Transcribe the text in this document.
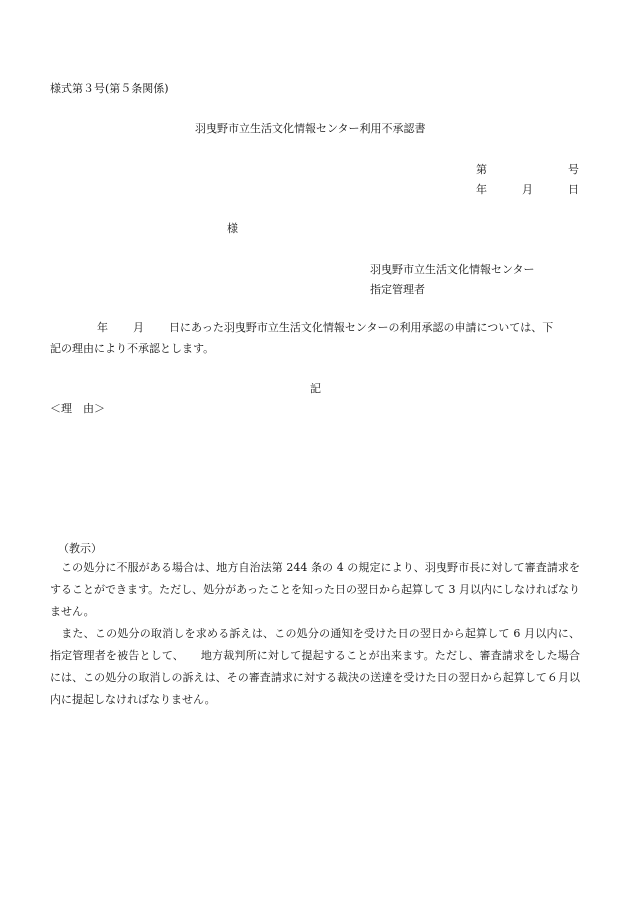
様式第３号(第５条関係)
羽曳野市立生活文化情報センター利用不承認書
第	号
年	月	日
様
羽曳野市立生活文化情報センター
指定管理者
年 月 日にあった羽曳野市立生活文化情報センターの利用承認の申請については、下
記の理由により不承認とします。
記
＜理　由＞
（教示）

　この処分に不服がある場合は、地方自治法第 244 条の 4 の規定により、羽曳野市長に対して審査請求をすることができます。ただし、処分があったことを知った日の翌日から起算して 3 月以内にしなければなりません。

　また、この処分の取消しを求める訴えは、この処分の通知を受けた日の翌日から起算して 6 月以内に、指定管理者を被告として、　　地方裁判所に対して提起することが出来ます。ただし、審査請求をした場合には、この処分の取消しの訴えは、その審査請求に対する裁決の送達を受けた日の翌日から起算して６月以内に提起しなければなりません。
